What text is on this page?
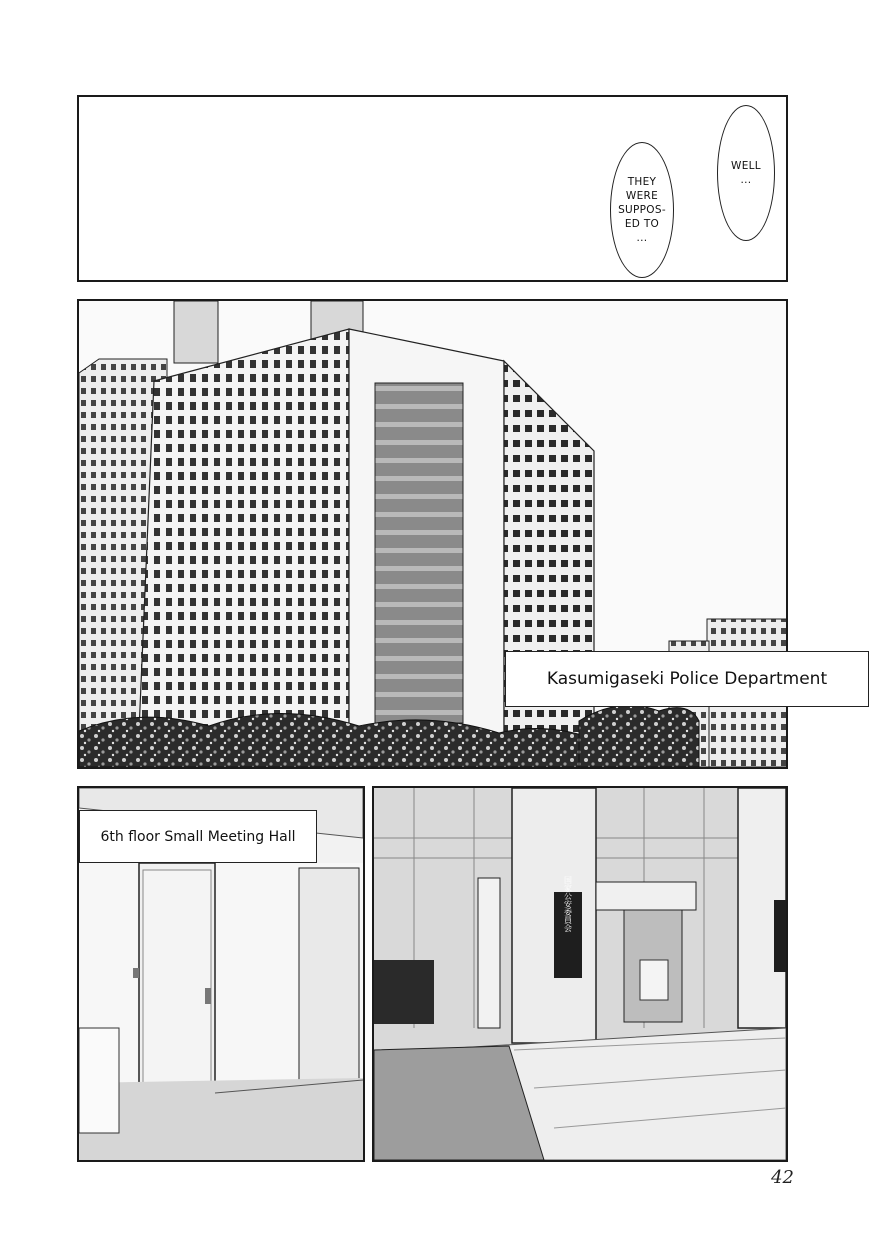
THEY
WERE
SUPPOS-
ED TO
...
WELL
...
6th floor Small Meeting Hall
国家公安委員会
Kasumigaseki Police Department
42
